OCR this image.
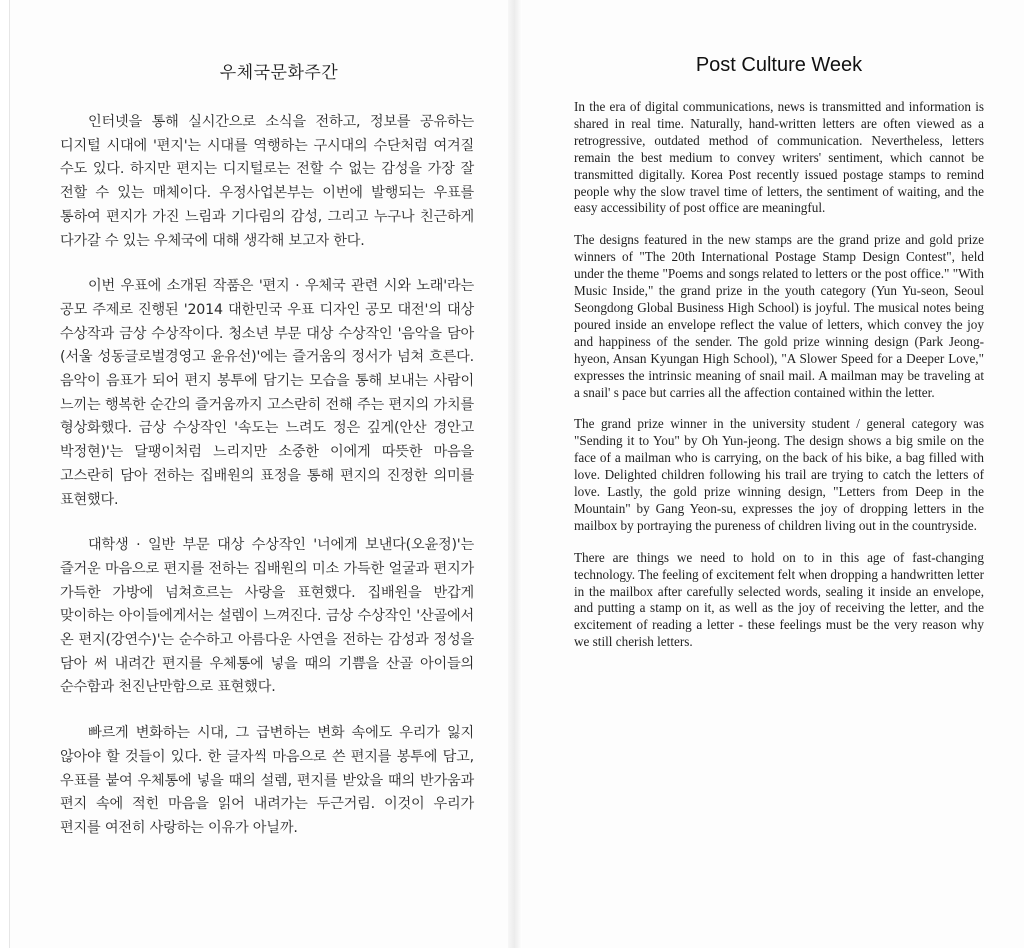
우체국문화주간

인터넷을 통해 실시간으로 소식을 전하고, 정보를 공유하는 디지털 시대에 '편지'는 시대를 역행하는 구시대의 수단처럼 여겨질 수도 있다. 하지만 편지는 디지털로는 전할 수 없는 감성을 가장 잘 전할 수 있는 매체이다. 우정사업본부는 이번에 발행되는 우표를 통하여 편지가 가진 느림과 기다림의 감성, 그리고 누구나 친근하게 다가갈 수 있는 우체국에 대해 생각해 보고자 한다.

이번 우표에 소개된 작품은 '편지 · 우체국 관련 시와 노래'라는 공모 주제로 진행된 '2014 대한민국 우표 디자인 공모 대전'의 대상 수상작과 금상 수상작이다. 청소년 부문 대상 수상작인 '음악을 담아(서울 성동글로벌경영고 윤유선)'에는 즐거움의 정서가 넘쳐 흐른다. 음악이 음표가 되어 편지 봉투에 담기는 모습을 통해 보내는 사람이 느끼는 행복한 순간의 즐거움까지 고스란히 전해 주는 편지의 가치를 형상화했다. 금상 수상작인 '속도는 느려도 정은 깊게(안산 경안고 박정현)'는 달팽이처럼 느리지만 소중한 이에게 따뜻한 마음을 고스란히 담아 전하는 집배원의 표정을 통해 편지의 진정한 의미를 표현했다.

대학생 · 일반 부문 대상 수상작인 '너에게 보낸다(오윤정)'는 즐거운 마음으로 편지를 전하는 집배원의 미소 가득한 얼굴과 편지가 가득한 가방에 넘쳐흐르는 사랑을 표현했다. 집배원을 반갑게 맞이하는 아이들에게서는 설렘이 느껴진다. 금상 수상작인 '산골에서 온 편지(강연수)'는 순수하고 아름다운 사연을 전하는 감성과 정성을 담아 써 내려간 편지를 우체통에 넣을 때의 기쁨을 산골 아이들의 순수함과 천진난만함으로 표현했다.

빠르게 변화하는 시대, 그 급변하는 변화 속에도 우리가 잃지 않아야 할 것들이 있다. 한 글자씩 마음으로 쓴 편지를 봉투에 담고, 우표를 붙여 우체통에 넣을 때의 설렘, 편지를 받았을 때의 반가움과 편지 속에 적힌 마음을 읽어 내려가는 두근거림. 이것이 우리가 편지를 여전히 사랑하는 이유가 아닐까.

Post Culture Week

In the era of digital communications, news is transmitted and information is shared in real time. Naturally, hand-written letters are often viewed as a retrogressive, outdated method of communication. Nevertheless, letters remain the best medium to convey writers' sentiment, which cannot be transmitted digitally. Korea Post recently issued postage stamps to remind people why the slow travel time of letters, the sentiment of waiting, and the easy accessibility of post office are meaningful.

The designs featured in the new stamps are the grand prize and gold prize winners of "The 20th International Postage Stamp Design Contest", held under the theme "Poems and songs related to letters or the post office." "With Music Inside," the grand prize in the youth category (Yun Yu-seon, Seoul Seongdong Global Business High School) is joyful. The musical notes being poured inside an envelope reflect the value of letters, which convey the joy and happiness of the sender. The gold prize winning design (Park Jeong-hyeon, Ansan Kyungan High School), "A Slower Speed for a Deeper Love," expresses the intrinsic meaning of snail mail. A mailman may be traveling at a snail' s pace but carries all the affection contained within the letter.

The grand prize winner in the university student / general category was "Sending it to You" by Oh Yun-jeong. The design shows a big smile on the face of a mailman who is carrying, on the back of his bike, a bag filled with love. Delighted children following his trail are trying to catch the letters of love. Lastly, the gold prize winning design, "Letters from Deep in the Mountain" by Gang Yeon-su, expresses the joy of dropping letters in the mailbox by portraying the pureness of children living out in the countryside.

There are things we need to hold on to in this age of fast-changing technology. The feeling of excitement felt when dropping a handwritten letter in the mailbox after carefully selected words, sealing it inside an envelope, and putting a stamp on it, as well as the joy of receiving the letter, and the excitement of reading a letter - these feelings must be the very reason why we still cherish letters.
